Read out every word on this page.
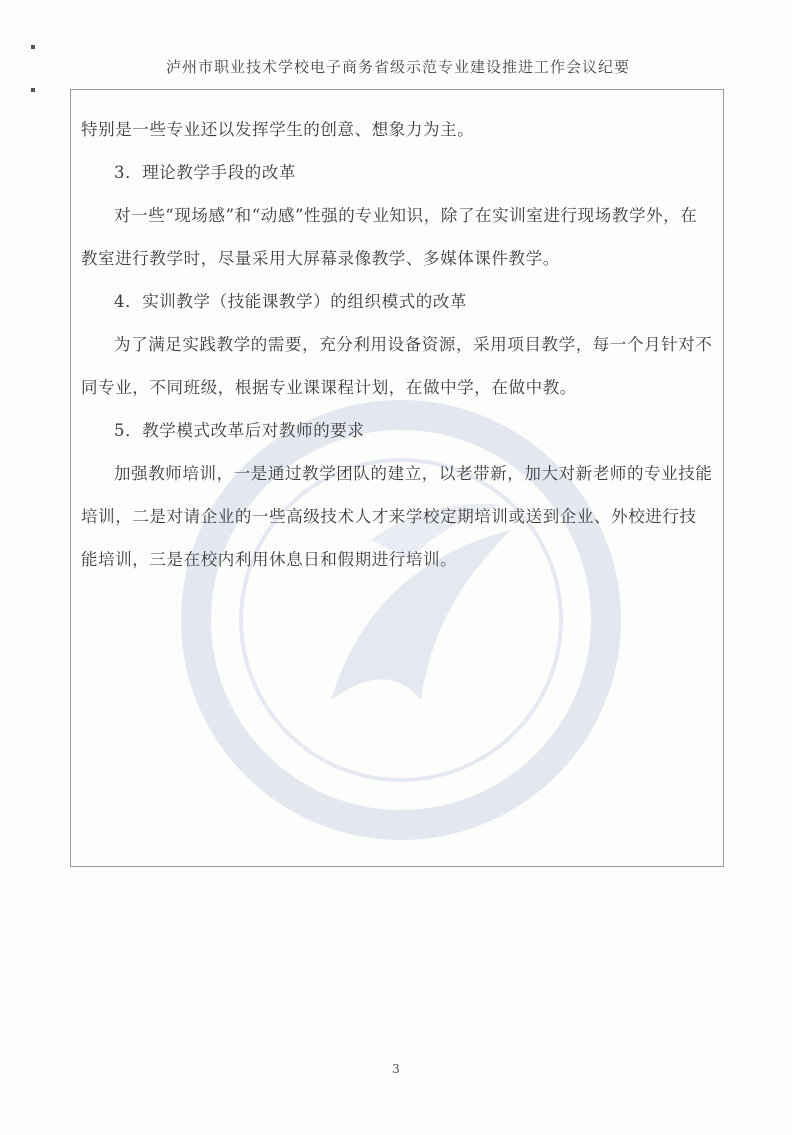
泸州市职业技术学校电子商务省级示范专业建设推进工作会议纪要

特别是一些专业还以发挥学生的创意、想象力为主。

3．理论教学手段的改革

对一些“现场感”和“动感”性强的专业知识，除了在实训室进行现场教学外，在教室进行教学时，尽量采用大屏幕录像教学、多媒体课件教学。

4．实训教学（技能课教学）的组织模式的改革

为了满足实践教学的需要，充分利用设备资源，采用项目教学，每一个月针对不同专业，不同班级，根据专业课课程计划，在做中学，在做中教。

5．教学模式改革后对教师的要求

加强教师培训，一是通过教学团队的建立，以老带新，加大对新老师的专业技能培训，二是对请企业的一些高级技术人才来学校定期培训或送到企业、外校进行技能培训，三是在校内利用休息日和假期进行培训。

3
